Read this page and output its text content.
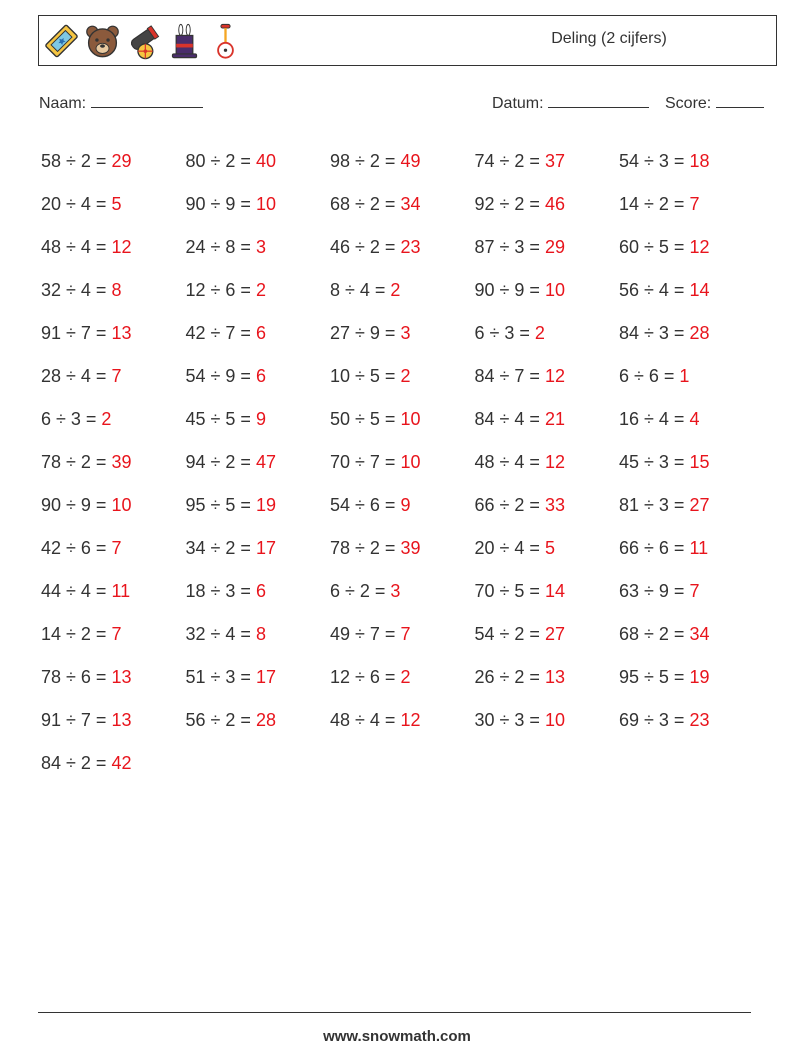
Deling (2 cijfers)
Naam:	Datum:	Score:
58 ÷ 2 = 29	80 ÷ 2 = 40	98 ÷ 2 = 49	74 ÷ 2 = 37	54 ÷ 3 = 18
20 ÷ 4 = 5	90 ÷ 9 = 10	68 ÷ 2 = 34	92 ÷ 2 = 46	14 ÷ 2 = 7
48 ÷ 4 = 12	24 ÷ 8 = 3	46 ÷ 2 = 23	87 ÷ 3 = 29	60 ÷ 5 = 12
32 ÷ 4 = 8	12 ÷ 6 = 2	8 ÷ 4 = 2	90 ÷ 9 = 10	56 ÷ 4 = 14
91 ÷ 7 = 13	42 ÷ 7 = 6	27 ÷ 9 = 3	6 ÷ 3 = 2	84 ÷ 3 = 28
28 ÷ 4 = 7	54 ÷ 9 = 6	10 ÷ 5 = 2	84 ÷ 7 = 12	6 ÷ 6 = 1
6 ÷ 3 = 2	45 ÷ 5 = 9	50 ÷ 5 = 10	84 ÷ 4 = 21	16 ÷ 4 = 4
78 ÷ 2 = 39	94 ÷ 2 = 47	70 ÷ 7 = 10	48 ÷ 4 = 12	45 ÷ 3 = 15
90 ÷ 9 = 10	95 ÷ 5 = 19	54 ÷ 6 = 9	66 ÷ 2 = 33	81 ÷ 3 = 27
42 ÷ 6 = 7	34 ÷ 2 = 17	78 ÷ 2 = 39	20 ÷ 4 = 5	66 ÷ 6 = 11
44 ÷ 4 = 11	18 ÷ 3 = 6	6 ÷ 2 = 3	70 ÷ 5 = 14	63 ÷ 9 = 7
14 ÷ 2 = 7	32 ÷ 4 = 8	49 ÷ 7 = 7	54 ÷ 2 = 27	68 ÷ 2 = 34
78 ÷ 6 = 13	51 ÷ 3 = 17	12 ÷ 6 = 2	26 ÷ 2 = 13	95 ÷ 5 = 19
91 ÷ 7 = 13	56 ÷ 2 = 28	48 ÷ 4 = 12	30 ÷ 3 = 10	69 ÷ 3 = 23
84 ÷ 2 = 42
www.snowmath.com
